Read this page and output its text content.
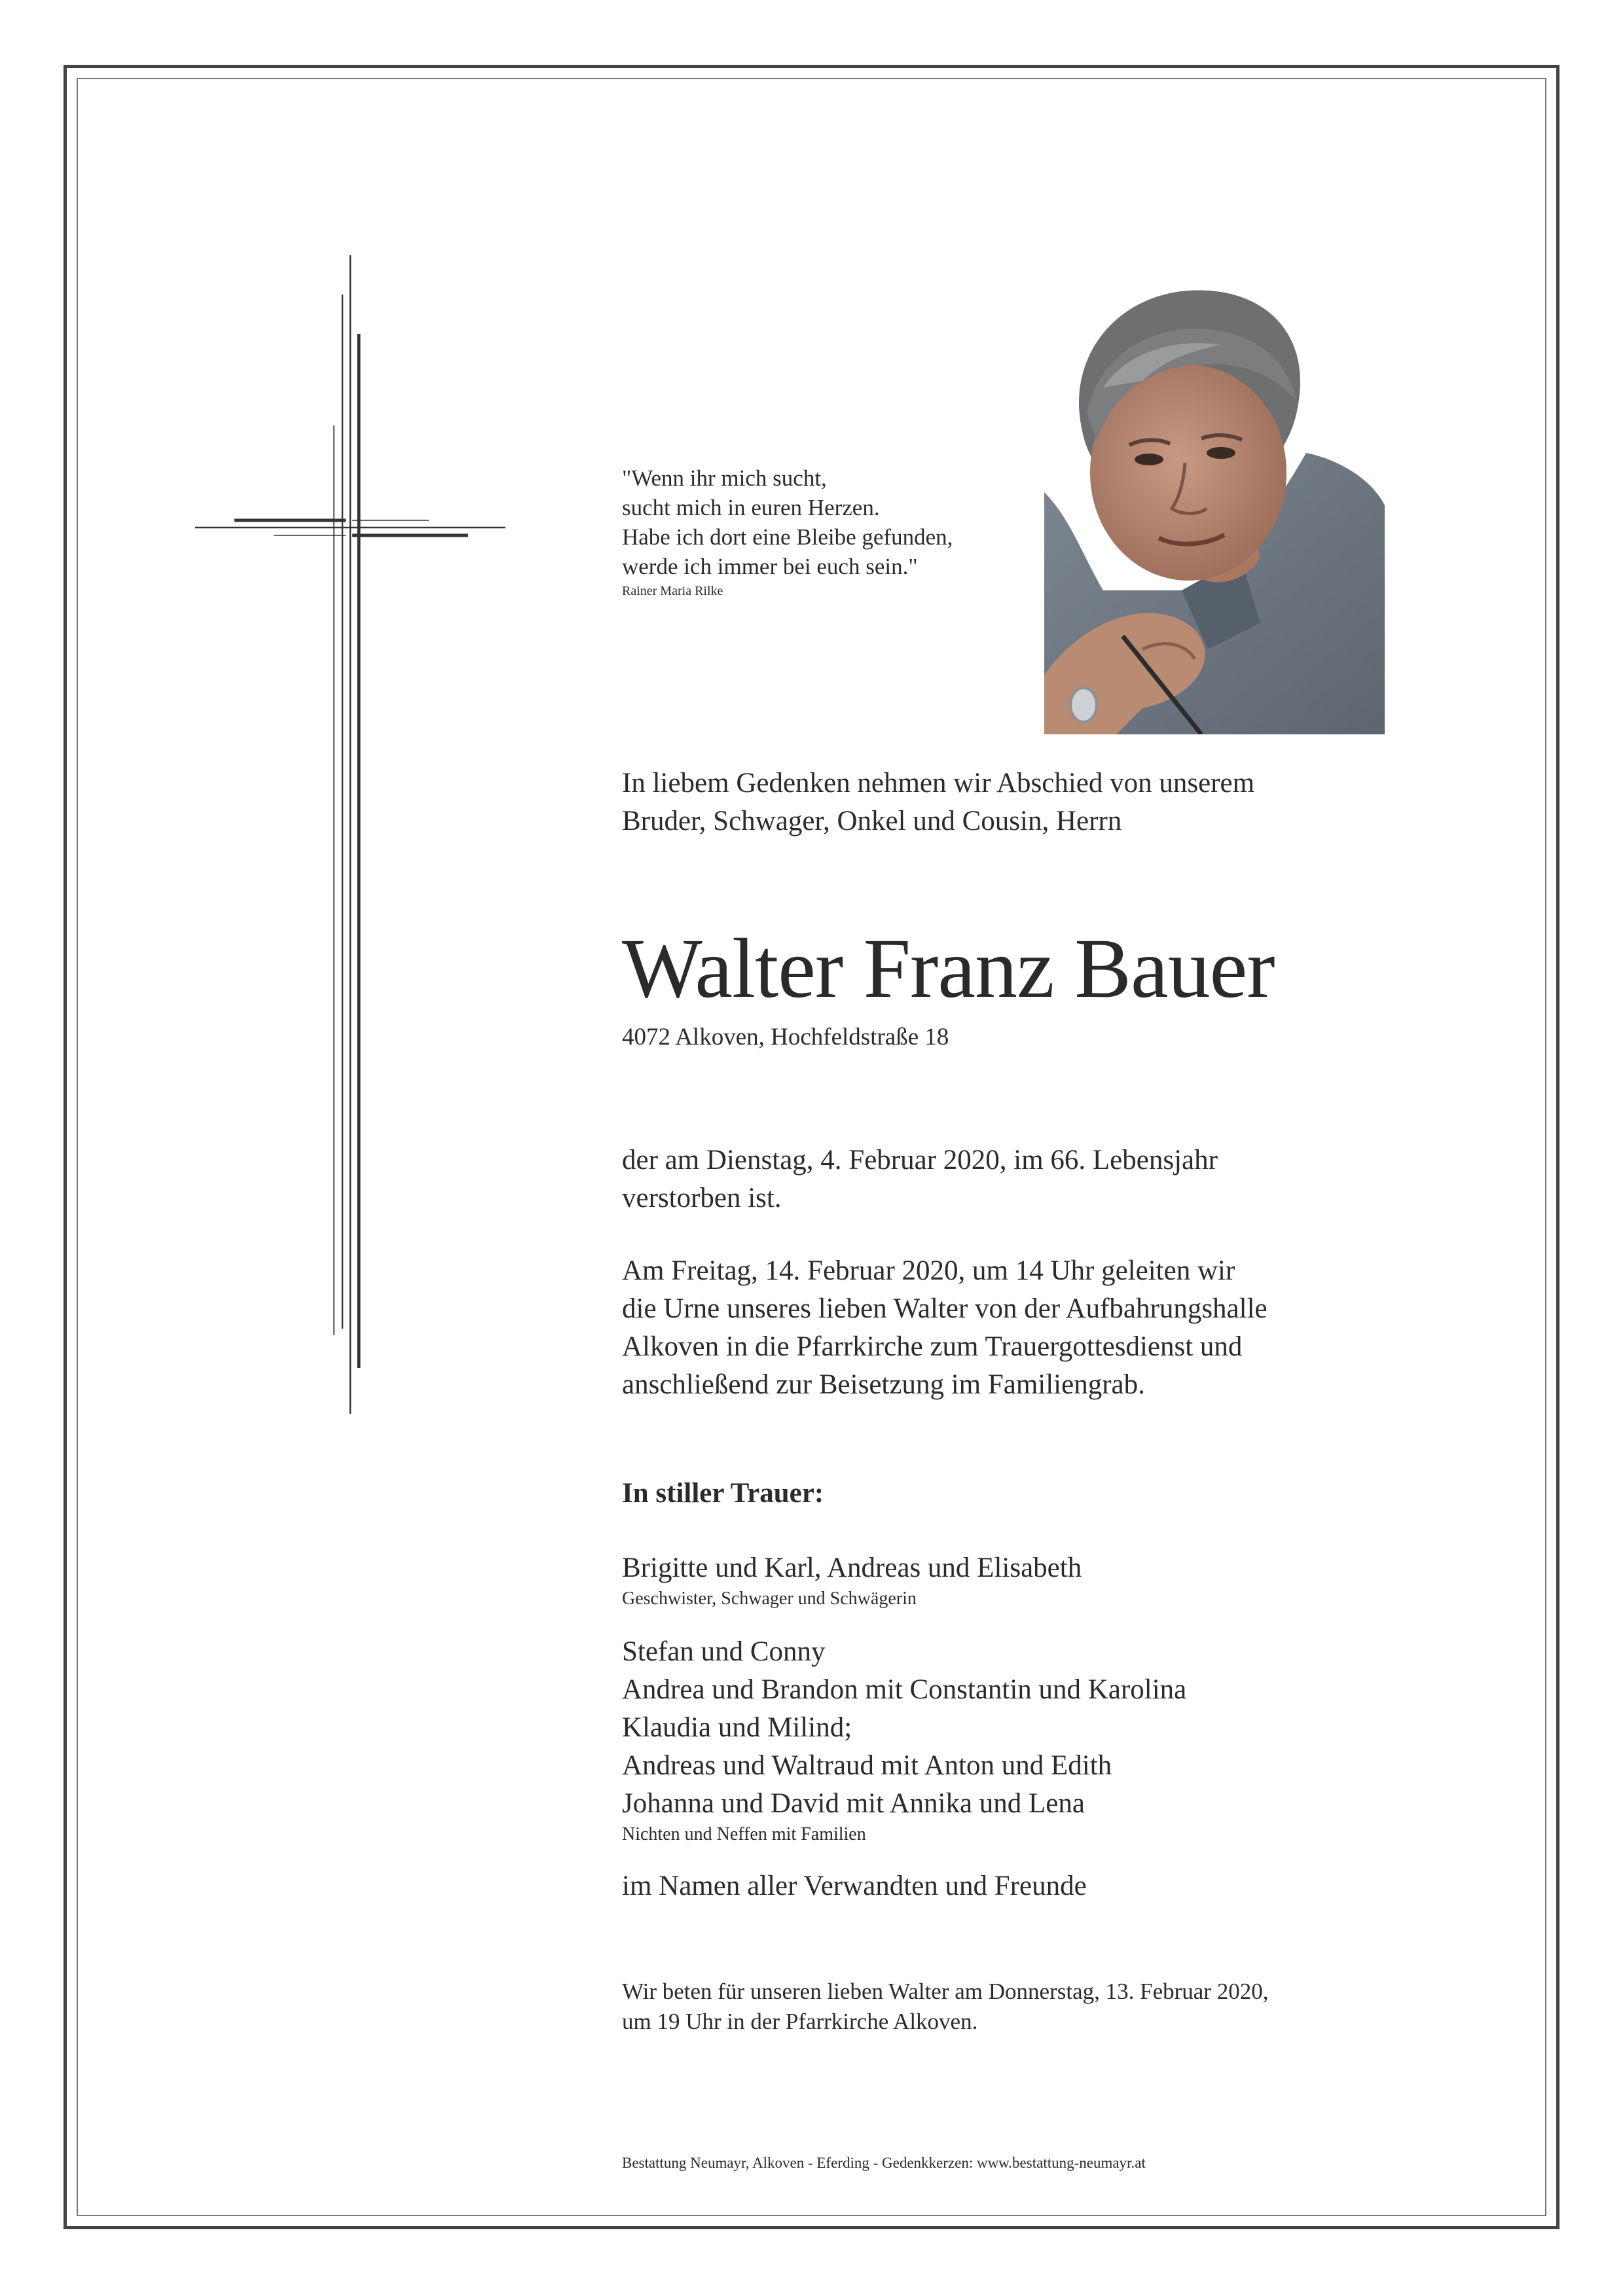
"Wenn ihr mich sucht,
sucht mich in euren Herzen.
Habe ich dort eine Bleibe gefunden,
werde ich immer bei euch sein."
Rainer Maria Rilke
In liebem Gedenken nehmen wir Abschied von unserem
Bruder, Schwager, Onkel und Cousin, Herrn
Walter Franz Bauer
4072 Alkoven, Hochfeldstraße 18
der am Dienstag, 4. Februar 2020, im 66. Lebensjahr
verstorben ist.
Am Freitag, 14. Februar 2020, um 14 Uhr geleiten wir
die Urne unseres lieben Walter von der Aufbahrungshalle
Alkoven in die Pfarrkirche zum Trauergottesdienst und
anschließend zur Beisetzung im Familiengrab.
In stiller Trauer:
Brigitte und Karl, Andreas und Elisabeth
Geschwister, Schwager und Schwägerin
Stefan und Conny
Andrea und Brandon mit Constantin und Karolina
Klaudia und Milind;
Andreas und Waltraud mit Anton und Edith
Johanna und David mit Annika und Lena
Nichten und Neffen mit Familien
im Namen aller Verwandten und Freunde
Wir beten für unseren lieben Walter am Donnerstag, 13. Februar 2020,
um 19 Uhr in der Pfarrkirche Alkoven.
Bestattung Neumayr, Alkoven - Eferding - Gedenkkerzen: www.bestattung-neumayr.at
